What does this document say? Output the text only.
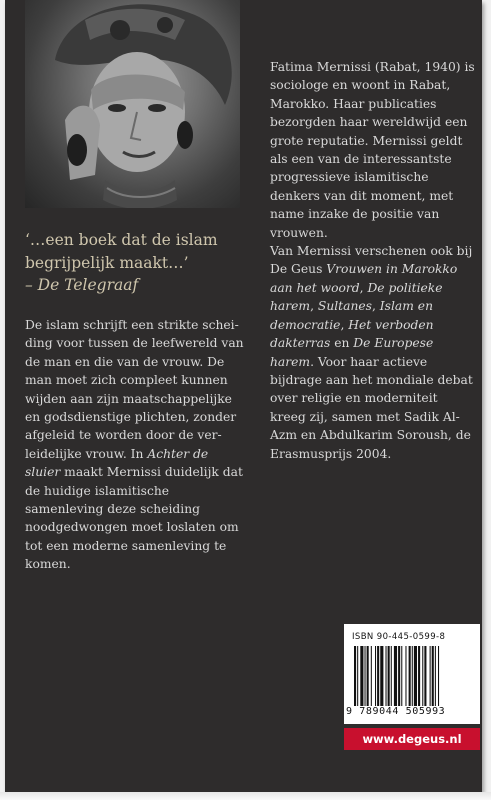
‘…een boek dat de islam begrijpelijk maakt…’
– De Telegraaf

De islam schrijft een strikte scheiding voor tussen de leefwereld van de man en die van de vrouw. De man moet zich compleet kunnen wijden aan zijn maatschappelijke en godsdienstige plichten, zonder afgeleid te worden door de verleidelijke vrouw. In Achter de sluier maakt Mernissi duidelijk dat de huidige islamitische samenleving deze scheiding noodgedwongen moet loslaten om tot een moderne samenleving te komen.

Fatima Mernissi (Rabat, 1940) is sociologe en woont in Rabat, Marokko. Haar publicaties bezorgden haar wereldwijd een grote reputatie. Mernissi geldt als een van de interessantste progressieve islamitische denkers van dit moment, met name inzake de positie van vrouwen.

Van Mernissi verschenen ook bij De Geus Vrouwen in Marokko aan het woord, De politieke harem, Sultanes, Islam en democratie, Het verboden dakterras en De Europese harem. Voor haar actieve bijdrage aan het mondiale debat over religie en moderniteit kreeg zij, samen met Sadik Al-Azm en Abdulkarim Soroush, de Erasmusprijs 2004.

ISBN 90-445-0599-8
9 789044 505993
www.degeus.nl
